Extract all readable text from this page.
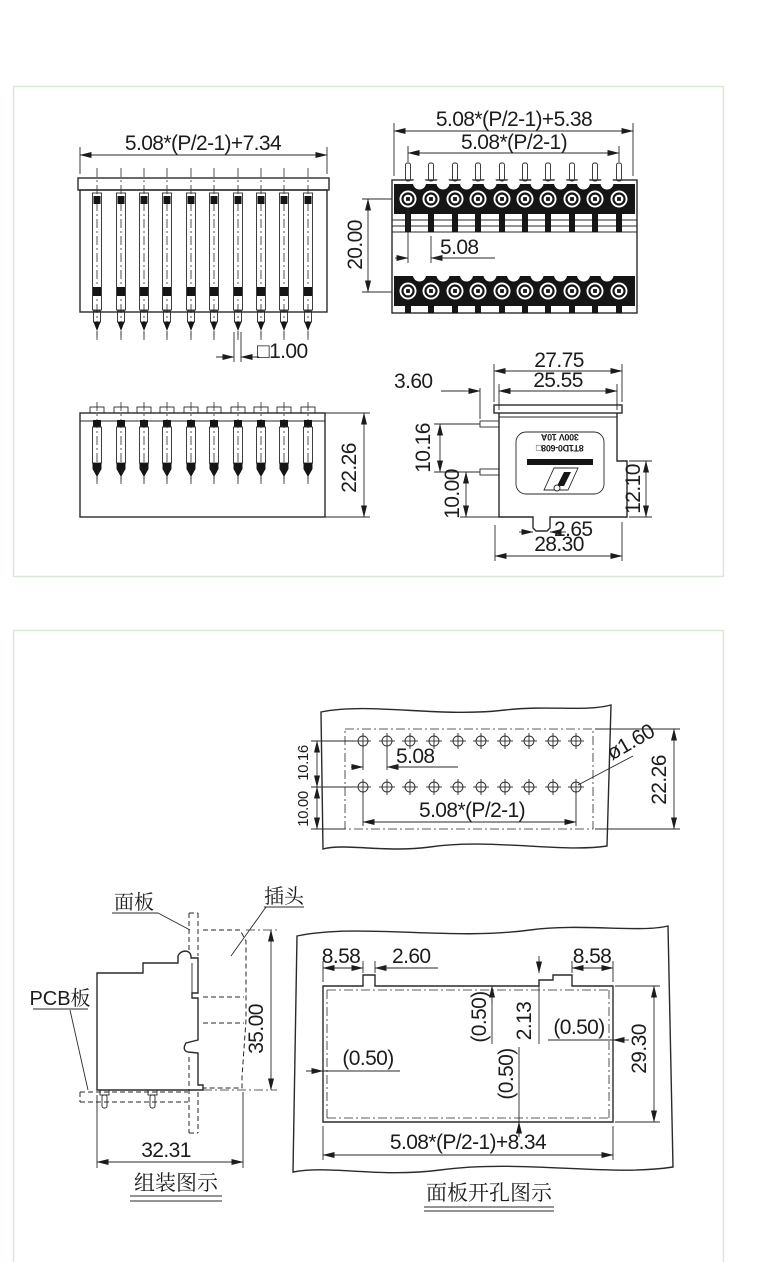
5.08*(P/2-1)+7.34
□1.00
5.08*(P/2-1)+5.38
5.08*(P/2-1)
20.00	5.08
22.26
300V 10A
8T1D0-608□
27.75
25.55
3.60
10.16
10.00	12.10
2.65
28.30
10.16
10.00
5.08
5.08*(P/2-1)
ø1.60
22.26
面板	插头
PCB板
35.00
32.31
组装图示
8.58 2.60	8.58
(0.50) 2.13 (0.50)
(0.50)	(0.50)	29.30
5.08*(P/2-1)+8.34
面板开孔图示
